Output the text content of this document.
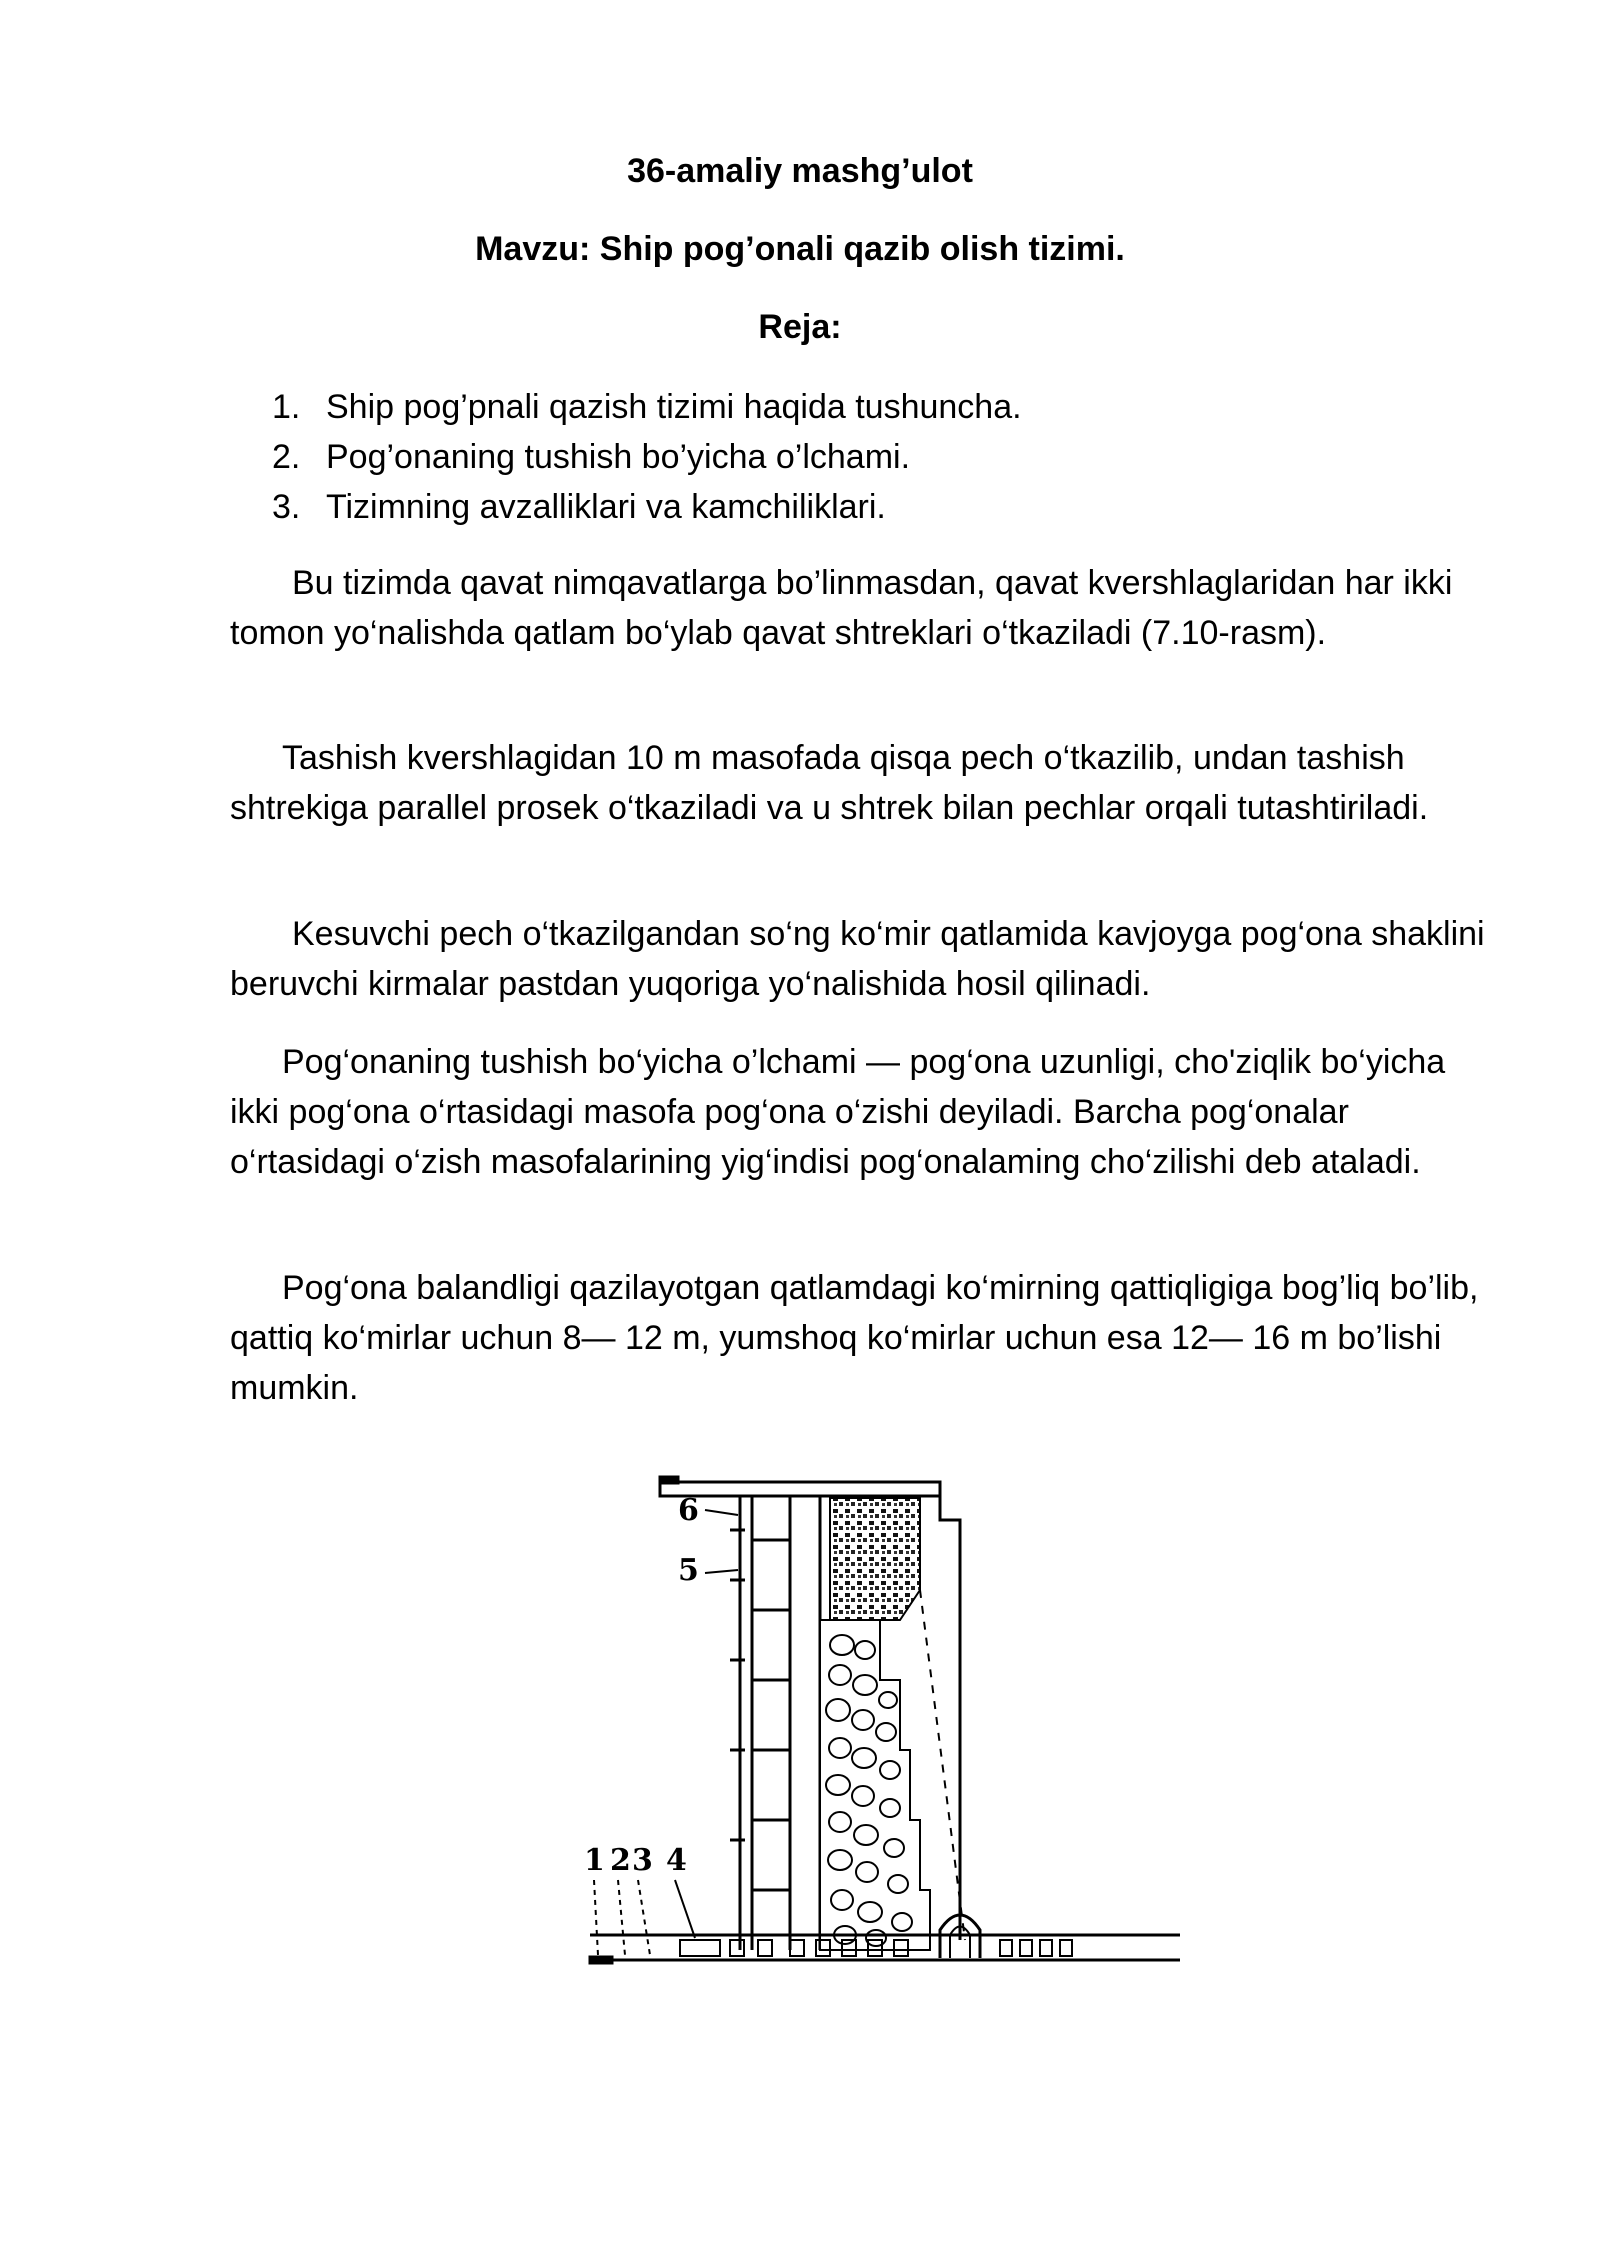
36-amaliy mashg’ulot
Mavzu: Ship pog’onali qazib olish tizimi.
Reja:
1. Ship pog’pnali qazish tizimi haqida tushuncha.
2. Pog’onaning tushish bo’yicha o’lchami.
3. Tizimning avzalliklari va kamchiliklari.

Bu tizimda qavat nimqavatlarga bo’linmasdan, qavat kvershlaglaridan har ikki tomon yo‘nalishda qatlam bo‘ylab qavat shtreklari o‘tkaziladi (7.10-rasm).

Tashish kvershlagidan 10 m masofada qisqa pech o‘tkazilib, undan tashish shtrekiga parallel prosek o‘tkaziladi va u shtrek bilan pechlar orqali tutashtiriladi.

Kesuvchi pech o‘tkazilgandan so‘ng ko‘mir qatlamida kavjoyga pog‘ona shaklini beruvchi kirmalar pastdan yuqoriga yo‘nalishida hosil qilinadi.

Pog‘onaning tushish bo‘yicha o’lchami — pog‘ona uzunligi, cho'ziqlik bo‘yicha ikki pog‘ona o‘rtasidagi masofa pog‘ona o‘zishi deyiladi. Barcha pog‘onalar o‘rtasidagi o‘zish masofalarining yig‘indisi pog‘onalaming cho‘zilishi deb ataladi.

Pog‘ona balandligi qazilayotgan qatlamdagi ko‘mirning qattiqligiga bog’liq bo’lib, qattiq ko‘mirlar uchun 8— 12 m, yumshoq ko‘mirlar uchun esa 12— 16 m bo’lishi mumkin.

6
5
1 2 3 4
